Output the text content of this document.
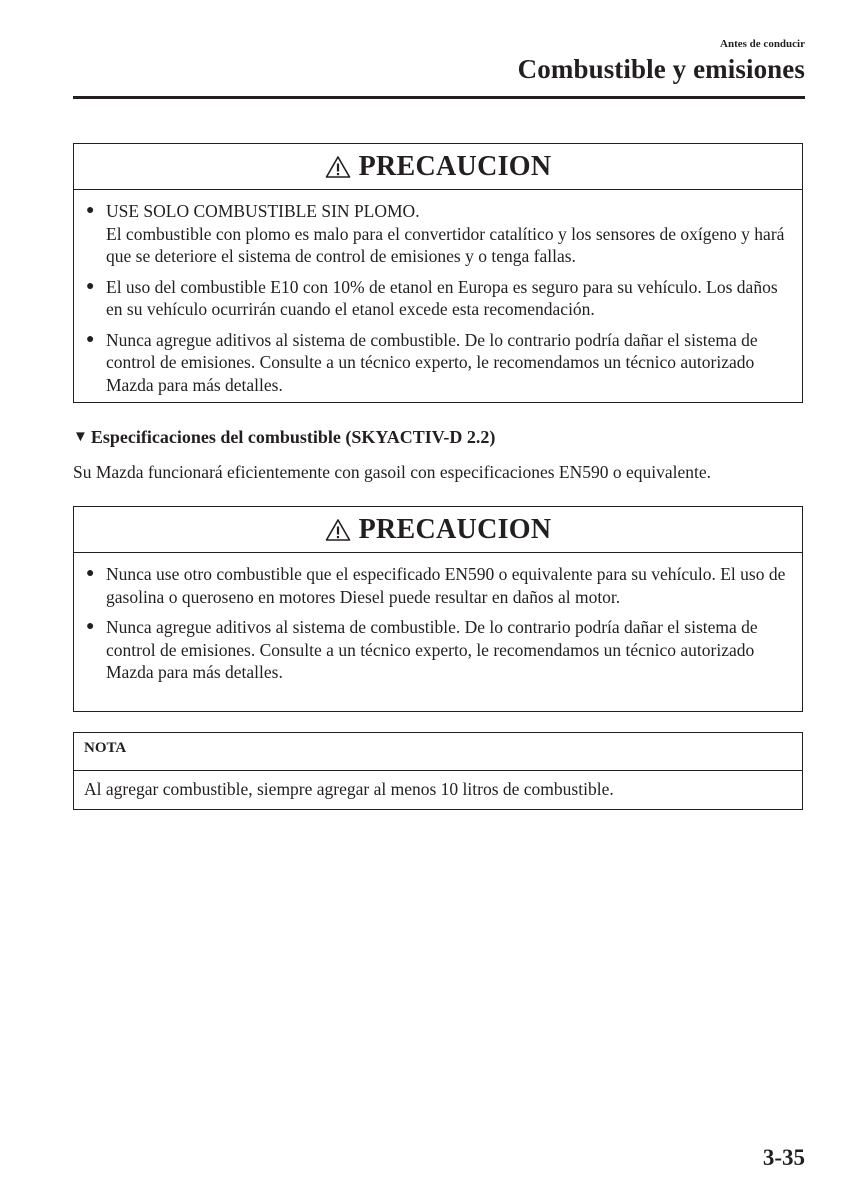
Antes de conducir
Combustible y emisiones
PRECAUCION
● USE SOLO COMBUSTIBLE SIN PLOMO.
El combustible con plomo es malo para el convertidor catalítico y los sensores de oxígeno y hará que se deteriore el sistema de control de emisiones y o tenga fallas.
● El uso del combustible E10 con 10% de etanol en Europa es seguro para su vehículo. Los daños en su vehículo ocurrirán cuando el etanol excede esta recomendación.
● Nunca agregue aditivos al sistema de combustible. De lo contrario podría dañar el sistema de control de emisiones. Consulte a un técnico experto, le recomendamos un técnico autorizado Mazda para más detalles.
▼ Especificaciones del combustible (SKYACTIV-D 2.2)
Su Mazda funcionará eficientemente con gasoil con especificaciones EN590 o equivalente.
PRECAUCION
● Nunca use otro combustible que el especificado EN590 o equivalente para su vehículo. El uso de gasolina o queroseno en motores Diesel puede resultar en daños al motor.
● Nunca agregue aditivos al sistema de combustible. De lo contrario podría dañar el sistema de control de emisiones. Consulte a un técnico experto, le recomendamos un técnico autorizado Mazda para más detalles.
NOTA
Al agregar combustible, siempre agregar al menos 10 litros de combustible.
3-35
